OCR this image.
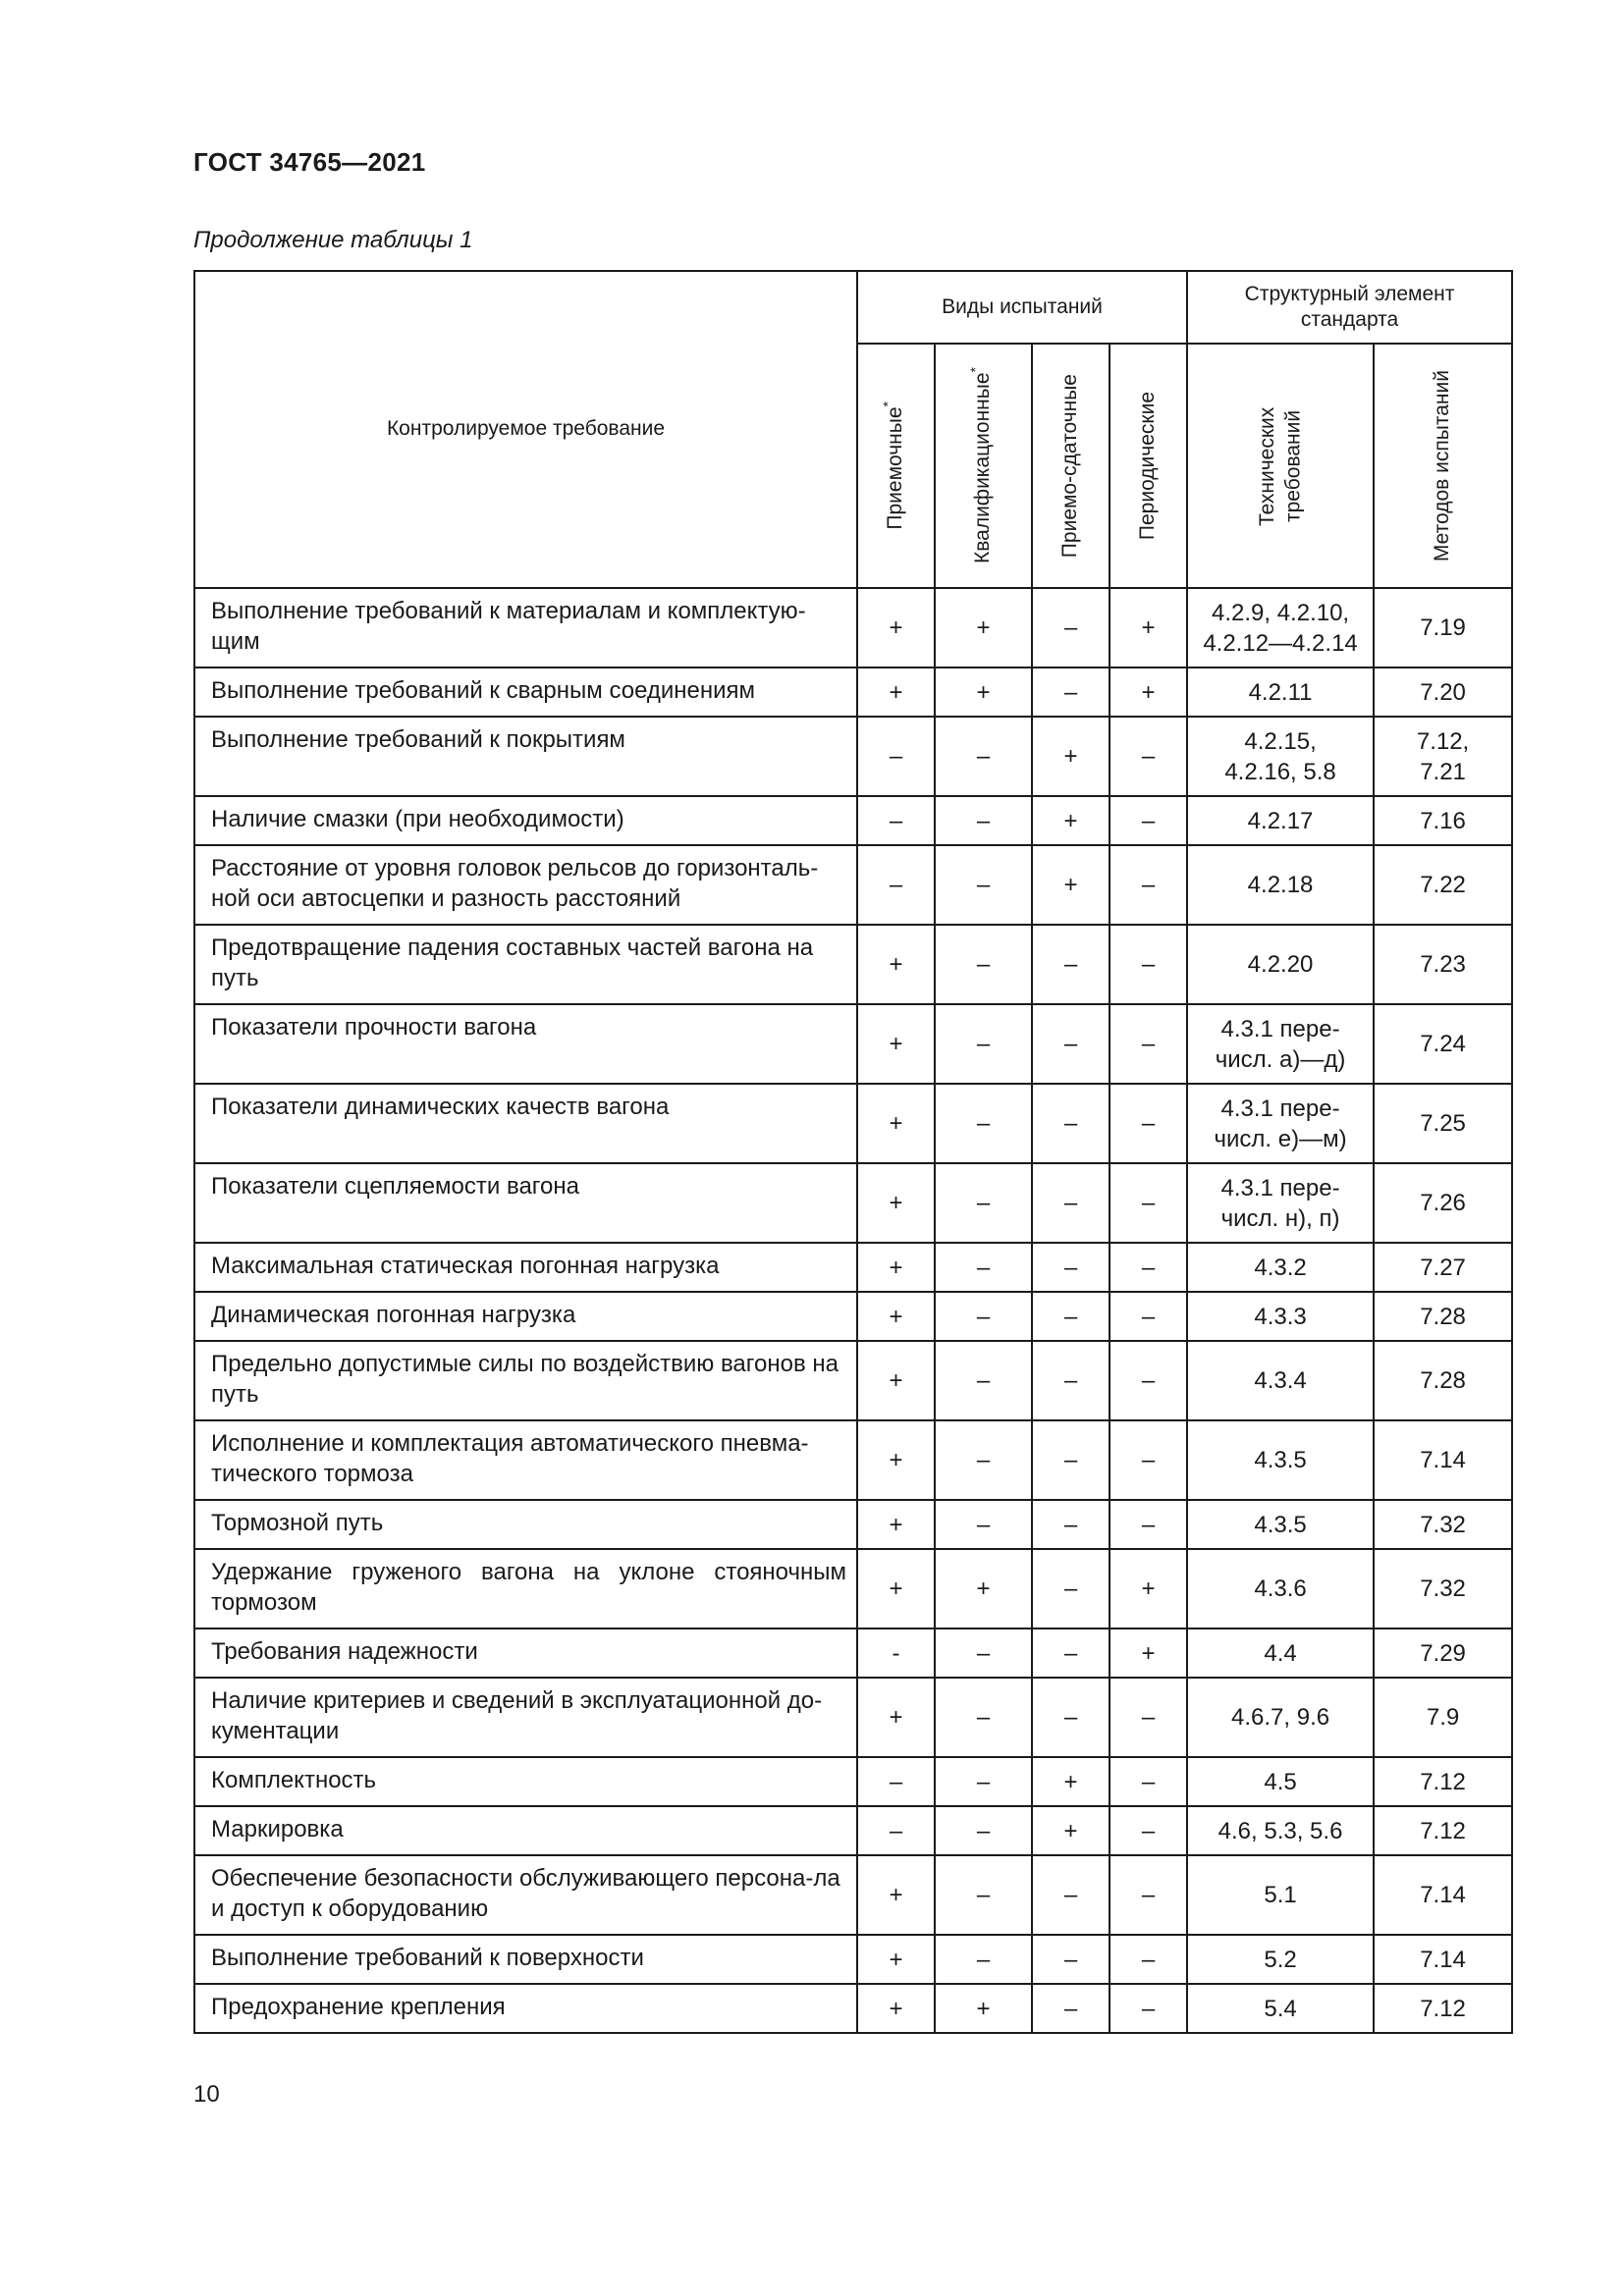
ГОСТ 34765—2021
Продолжение таблицы 1
Контролируемое требование	Виды испытаний				Структурный элемент стандарта	

	Приемочные*	Квалификационные*	Приемо-сдаточные	Периодические	Технических требований	Методов испытаний

Выполнение требований к материалам и комплектую-щим	+	+	–	+	4.2.9, 4.2.10, 4.2.12—4.2.14	7.19
Выполнение требований к сварным соединениям	+	+	–	+	4.2.11	7.20
Выполнение требований к покрытиям	–	–	+	–	4.2.15, 4.2.16, 5.8	7.12, 7.21
Наличие смазки (при необходимости)	–	–	+	–	4.2.17	7.16
Расстояние от уровня головок рельсов до горизонталь-ной оси автосцепки и разность расстояний	–	–	+	–	4.2.18	7.22
Предотвращение падения составных частей вагона на путь	+	–	–	–	4.2.20	7.23
Показатели прочности вагона	+	–	–	–	4.3.1 пере-числ. а)—д)	7.24
Показатели динамических качеств вагона	+	–	–	–	4.3.1 пере-числ. е)—м)	7.25
Показатели сцепляемости вагона	+	–	–	–	4.3.1 пере-числ. н), п)	7.26
Максимальная статическая погонная нагрузка	+	–	–	–	4.3.2	7.27
Динамическая погонная нагрузка	+	–	–	–	4.3.3	7.28
Предельно допустимые силы по воздействию вагонов на путь	+	–	–	–	4.3.4	7.28
Исполнение и комплектация автоматического пневма-тического тормоза	+	–	–	–	4.3.5	7.14
Тормозной путь	+	–	–	–	4.3.5	7.32
Удержание груженого вагона на уклоне стояночным тормозом	+	+	–	+	4.3.6	7.32
Требования надежности	-	–	–	+	4.4	7.29
Наличие критериев и сведений в эксплуатационной до-кументации	+	–	–	–	4.6.7, 9.6	7.9
Комплектность	–	–	+	–	4.5	7.12
Маркировка	–	–	+	–	4.6, 5.3, 5.6	7.12
Обеспечение безопасности обслуживающего персона-ла и доступ к оборудованию	+	–	–	–	5.1	7.14
Выполнение требований к поверхности	+	–	–	–	5.2	7.14
Предохранение крепления	+	+	–	–	5.4	7.12
10
